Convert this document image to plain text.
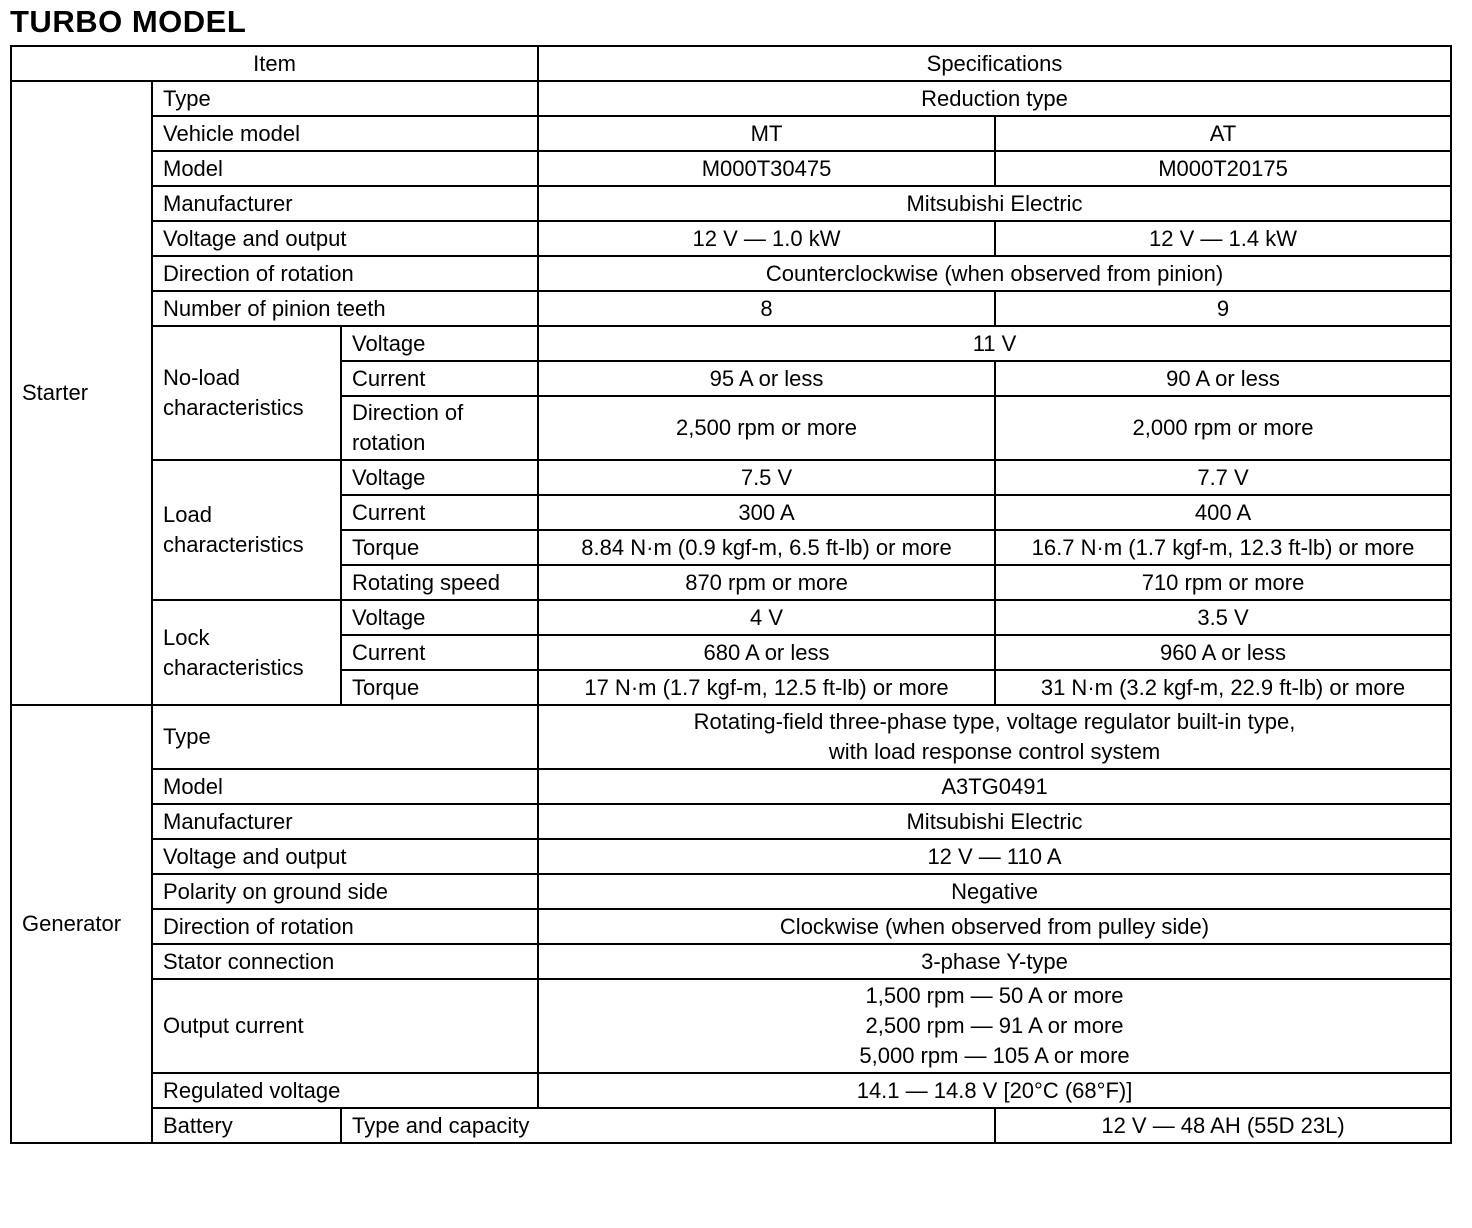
TURBO MODEL
Item			Specifications		
Starter	Type		Reduction type		
	Vehicle model		MT	AT	
	Model		M000T30475	M000T20175	
	Manufacturer		Mitsubishi Electric		
	Voltage and output		12 V — 1.0 kW	12 V — 1.4 kW	
	Direction of rotation		Counterclockwise (when observed from pinion)		
	Number of pinion teeth		8	9	
	No-load characteristics	Voltage	11 V		
		Current	95 A or less	90 A or less	
		Direction of rotation	2,500 rpm or more	2,000 rpm or more	
	Load characteristics	Voltage	7.5 V	7.7 V	
		Current	300 A	400 A	
		Torque	8.84 N·m (0.9 kgf-m, 6.5 ft-lb) or more	16.7 N·m (1.7 kgf-m, 12.3 ft-lb) or more	
		Rotating speed	870 rpm or more	710 rpm or more	
	Lock characteristics	Voltage	4 V	3.5 V	
		Current	680 A or less	960 A or less	
		Torque	17 N·m (1.7 kgf-m, 12.5 ft-lb) or more	31 N·m (3.2 kgf-m, 22.9 ft-lb) or more	
Generator	Type		Rotating-field three-phase type, voltage regulator built-in type,
with load response control system		

	Model		A3TG0491		
	Manufacturer		Mitsubishi Electric		
	Voltage and output		12 V — 110 A		
	Polarity on ground side		Negative		
	Direction of rotation		Clockwise (when observed from pulley side)		
	Stator connection		3-phase Y-type		
	Output current		1,500 rpm — 50 A or more
2,500 rpm — 91 A or more
5,000 rpm — 105 A or more		

	Regulated voltage		14.1 — 14.8 V [20°C (68°F)]		
	Battery	Type and capacity		12 V — 48 AH (55D 23L)	
